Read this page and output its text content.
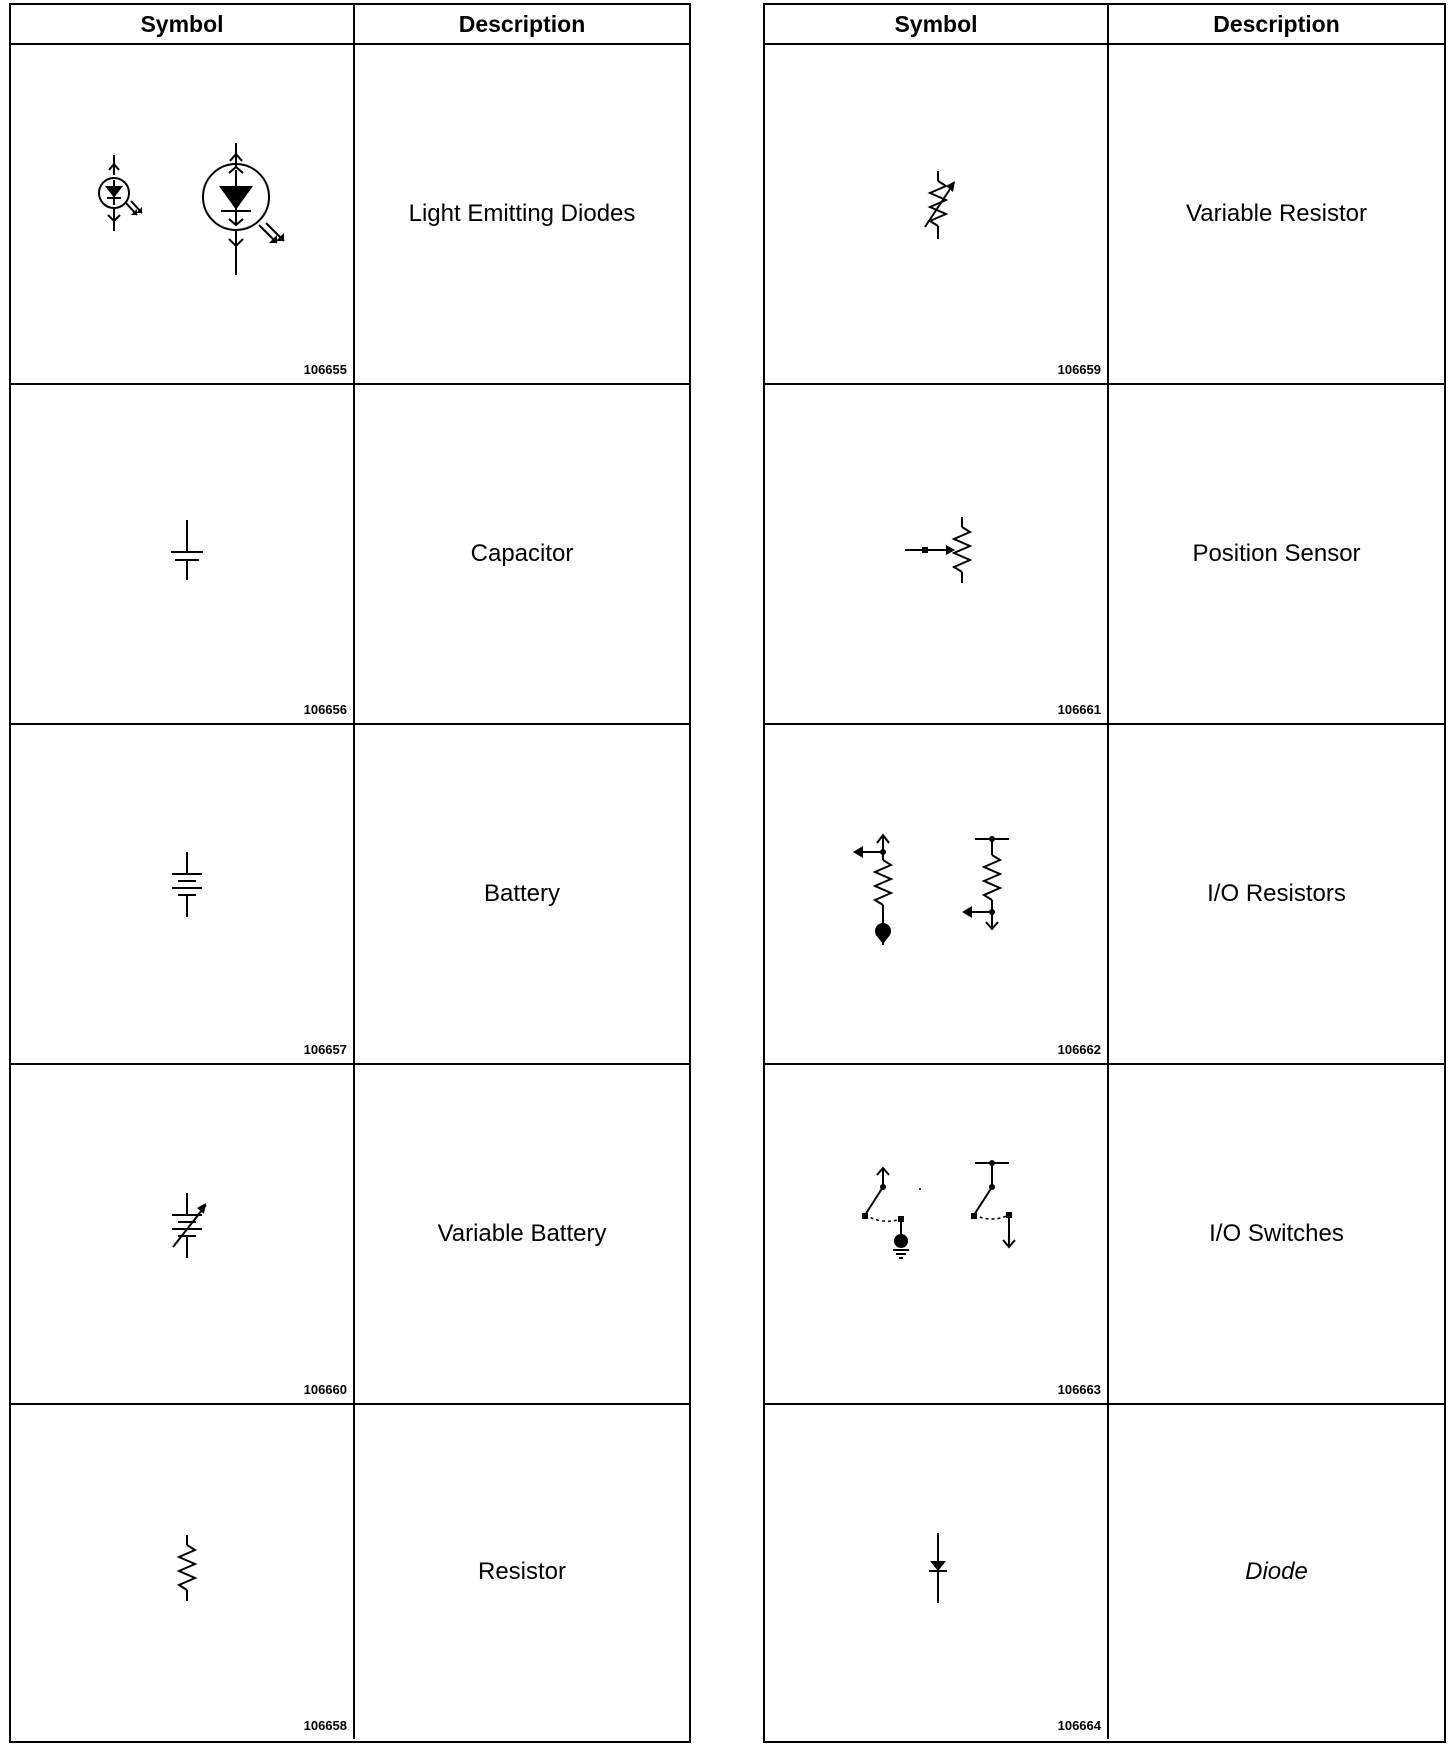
Symbol	Description
106655
Light Emitting Diodes
106656
Capacitor
106657
Battery
106660
Variable Battery
106658
Resistor
Symbol	Description
106659
Variable Resistor
106661
Position Sensor
106662
I/O Resistors
106663
I/O Switches
106664
Diode
